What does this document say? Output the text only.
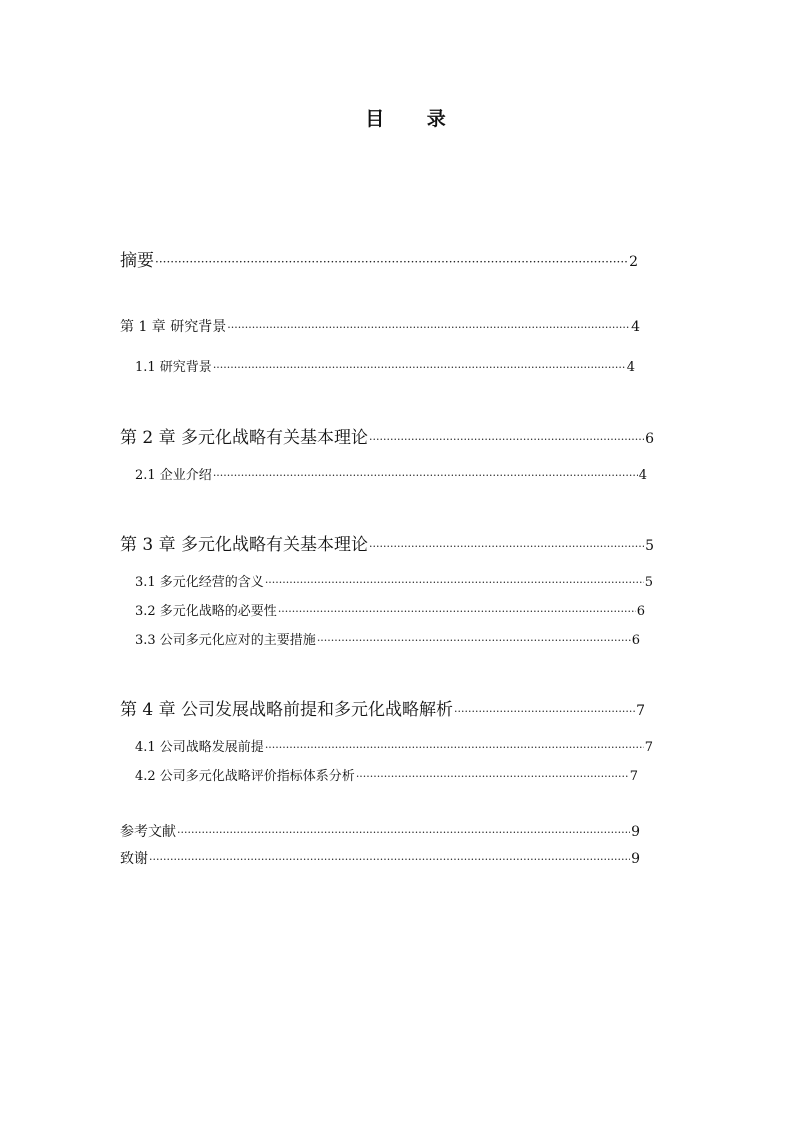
目 录
摘要 ·····	2
第 1 章 研究背景 ·····	4
1.1 研究背景 ·····	4
第 2 章 多元化战略有关基本理论 ·····	6
2.1 企业介绍 ·····	4
第 3 章 多元化战略有关基本理论 ·····	5
3.1 多元化经营的含义 ·····	5
3.2 多元化战略的必要性 ·····	6
3.3 公司多元化应对的主要措施 ·····	6
第 4 章 公司发展战略前提和多元化战略解析 ·····	7
4.1 公司战略发展前提 ·····	7
4.2 公司多元化战略评价指标体系分析 ·····	7
参考文献 ·····	9
致谢 ·····	9
